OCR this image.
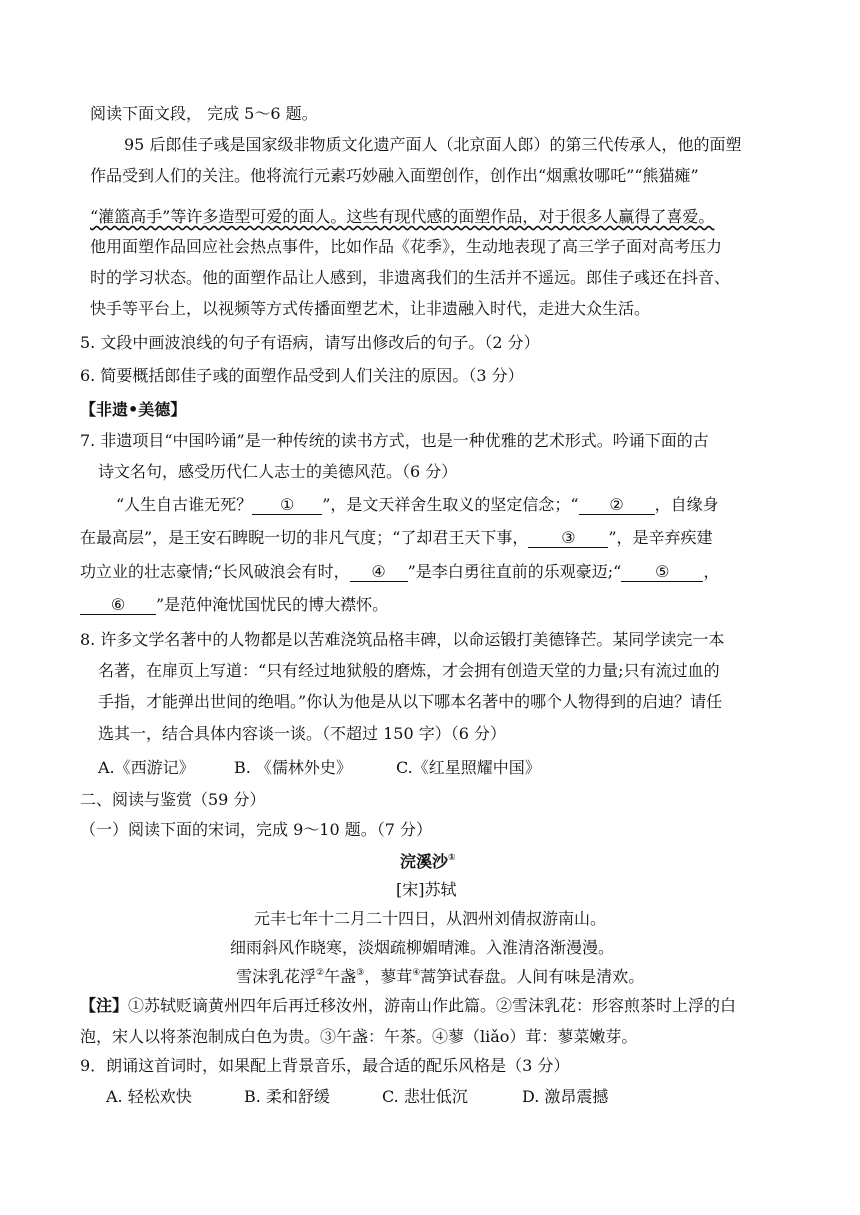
阅读下面文段， 完成 5～6 题。
95 后郎佳子彧是国家级非物质文化遗产面人（北京面人郎）的第三代传承人，他的面塑
作品受到人们的关注。他将流行元素巧妙融入面塑创作，创作出“烟熏妆哪吒”“熊猫瘫”
“灌篮高手”等许多造型可爱的面人。这些有现代感的面塑作品，对于很多人赢得了喜爱。
他用面塑作品回应社会热点事件，比如作品《花季》，生动地表现了高三学子面对高考压力
时的学习状态。他的面塑作品让人感到，非遗离我们的生活并不遥远。郎佳子彧还在抖音、
快手等平台上，以视频等方式传播面塑艺术，让非遗融入时代，走进大众生活。
5. 文段中画波浪线的句子有语病，请写出修改后的句子。（2 分）
6. 简要概括郎佳子彧的面塑作品受到人们关注的原因。（3 分）
【非遗•美德】
7. 非遗项目“中国吟诵”是一种传统的读书方式，也是一种优雅的艺术形式。吟诵下面的古
诗文名句，感受历代仁人志士的美德风范。（6 分）
“人生自古谁无死？ ① ”，是文天祥舍生取义的坚定信念；“ ② ，自缘身
在最高层”，是王安石睥睨一切的非凡气度；“了却君王天下事， ③ ”，是辛弃疾建
功立业的壮志豪情;“长风破浪会有时， ④ ”是李白勇往直前的乐观豪迈;“ ⑤ ，
⑥ ”是范仲淹忧国忧民的博大襟怀。
8. 许多文学名著中的人物都是以苦难浇筑品格丰碑，以命运锻打美德锋芒。某同学读完一本
名著，在扉页上写道：“只有经过地狱般的磨炼，才会拥有创造天堂的力量;只有流过血的
手指，才能弹出世间的绝唱。”你认为他是从以下哪本名著中的哪个人物得到的启迪？请任
选其一，结合具体内容谈一谈。（不超过 150 字）（6 分）
A.《西游记》 B. 《儒林外史》	C.《红星照耀中国》
二、阅读与鉴赏（59 分）
（一）阅读下面的宋词，完成 9～10 题。（7 分）
浣溪沙①
[宋]苏轼
元丰七年十二月二十四日，从泗州刘倩叔游南山。
细雨斜风作晓寒，淡烟疏柳媚晴滩。入淮清洛渐漫漫。
雪沫乳花浮②午盏③，蓼茸④蒿笋试春盘。人间有味是清欢。
【注】①苏轼贬谪黄州四年后再迁移汝州，游南山作此篇。②雪沫乳花：形容煎茶时上浮的白
泡，宋人以将茶泡制成白色为贵。③午盏：午茶。④蓼（liǎo）茸：蓼菜嫩芽。
9．朗诵这首词时，如果配上背景音乐，最合适的配乐风格是（3 分）
A. 轻松欢快	B. 柔和舒缓	C. 悲壮低沉	D. 激昂震撼
